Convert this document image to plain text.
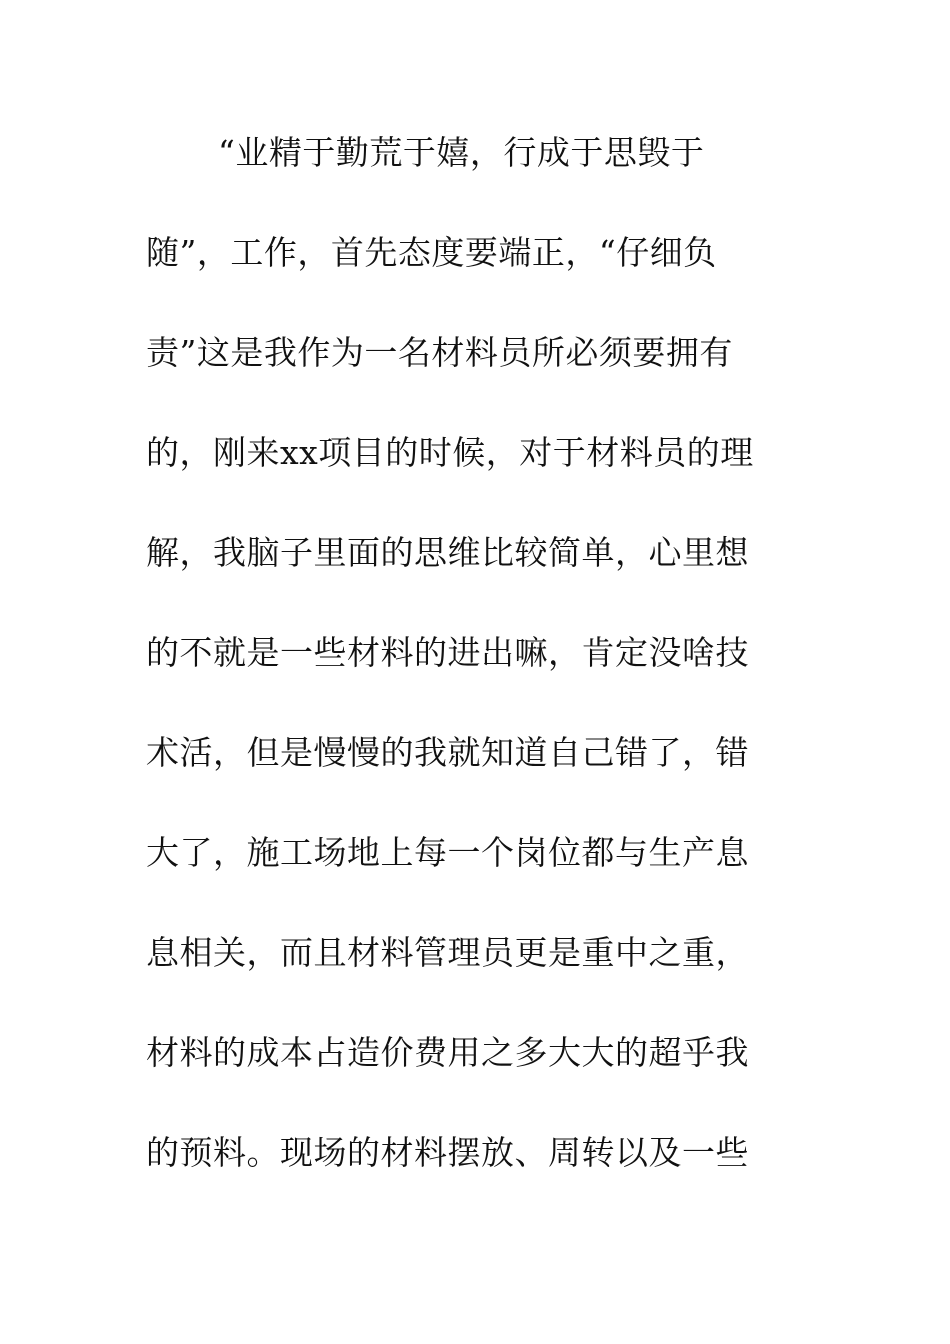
“业精于勤荒于嬉，行成于思毁于
随”，工作，首先态度要端正，“仔细负
责”这是我作为一名材料员所必须要拥有
的，刚来xx项目的时候，对于材料员的理
解，我脑子里面的思维比较简单，心里想
的不就是一些材料的进出嘛，肯定没啥技
术活，但是慢慢的我就知道自己错了，错
大了，施工场地上每一个岗位都与生产息
息相关，而且材料管理员更是重中之重，
材料的成本占造价费用之多大大的超乎我
的预料。现场的材料摆放、周转以及一些
